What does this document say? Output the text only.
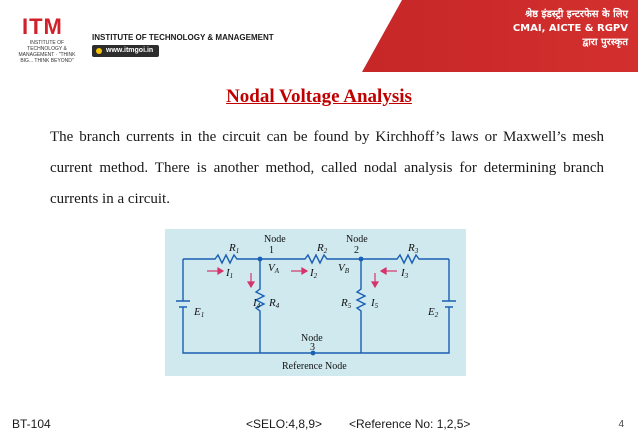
ITM
INSTITUTE OF TECHNOLOGY & MANAGEMENT · "THINK BIG... THINK BEYOND"
INSTITUTE OF TECHNOLOGY & MANAGEMENT
www.itmgoi.in
श्रेष्ठ इंडस्ट्री इन्टरफेस के लिए
CMAI, AICTE & RGPV
द्वारा पुरस्कृत
Nodal Voltage Analysis
The branch currents in the circuit can be found by Kirchhoff’s laws or Maxwell’s mesh current method. There is another method, called nodal analysis for determining branch currents in a circuit.
R1	R2	R3
Node
1
Node
2
I1	I2	I3
VA	VB
I4 R4	R5 I5
E1	E2
Node
3
Reference Node
BT-104	<SELO:4,8,9> <Reference No: 1,2,5>	4
